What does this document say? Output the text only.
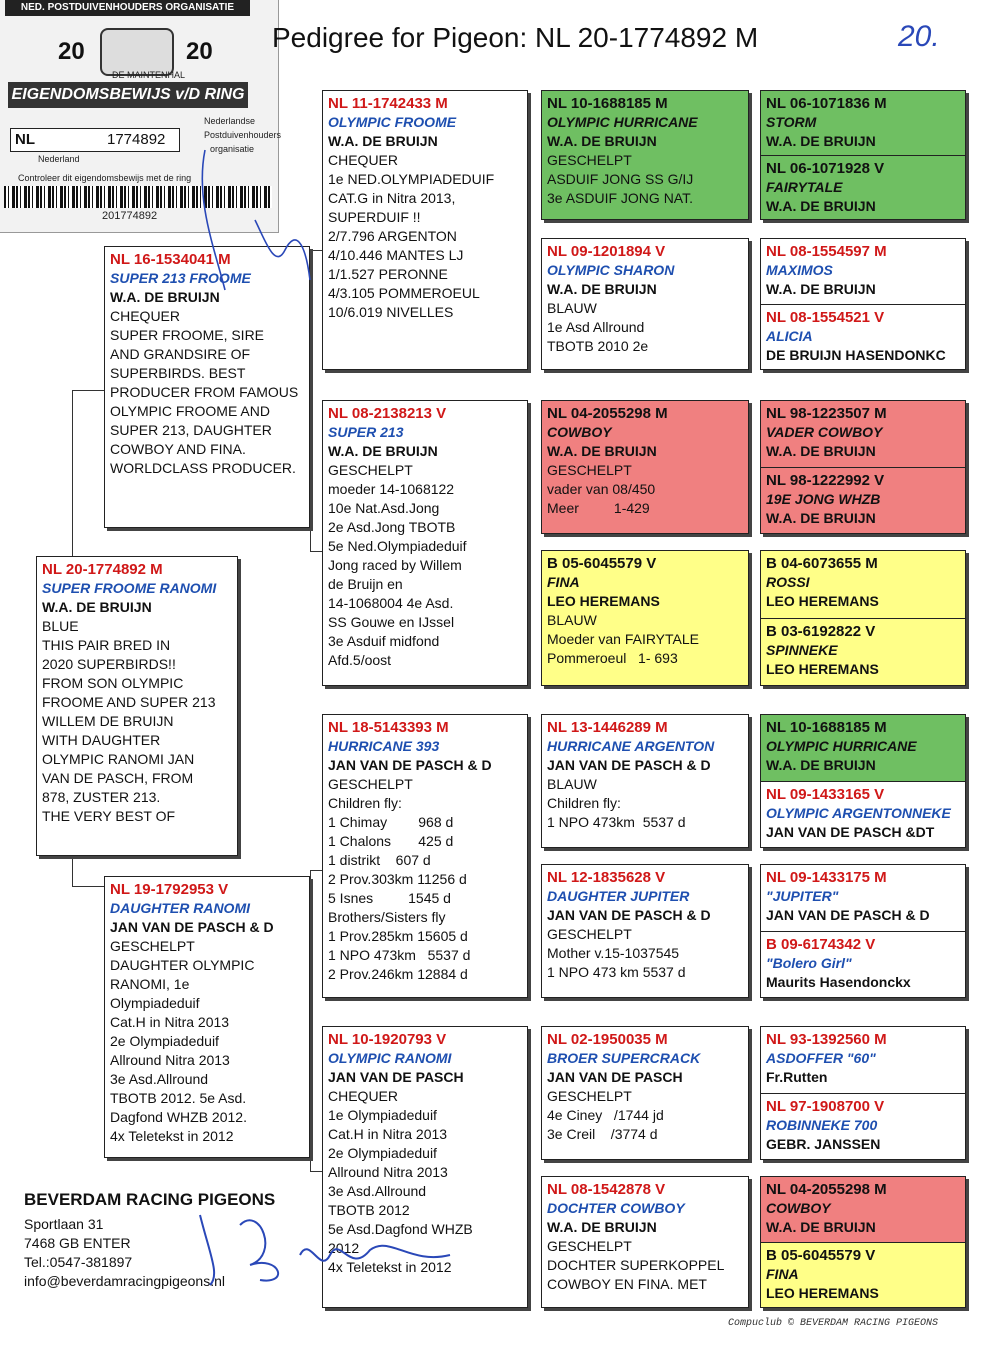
NED. POSTDUIVENHOUDERS ORGANISATIE
20	20
DE MAINTENHAL
EIGENDOMSBEWIJS v/D RING
NL	1774892
Nederland
Nederlandse
Postduivenhouders
organisatie
Controleer dit eigendomsbewijs met de ring
201774892
Pedigree for Pigeon: NL 20-1774892 M	20.
NL 20-1774892 M
SUPER FROOME RANOMI
W.A. DE BRUIJN
BLUE
THIS PAIR BRED IN
2020 SUPERBIRDS!!
FROM SON OLYMPIC
FROOME AND SUPER 213
WILLEM DE BRUIJN
WITH DAUGHTER
OLYMPIC RANOMI JAN
VAN DE PASCH, FROM
878, ZUSTER 213.
THE VERY BEST OF
NL 16-1534041 M
SUPER 213 FROOME
W.A. DE BRUIJN
CHEQUER
SUPER FROOME, SIRE
AND GRANDSIRE OF
SUPERBIRDS. BEST
PRODUCER FROM FAMOUS
OLYMPIC FROOME AND
SUPER 213, DAUGHTER
COWBOY AND FINA.
WORLDCLASS PRODUCER.
NL 19-1792953 V
DAUGHTER RANOMI
JAN VAN DE PASCH & D
GESCHELPT
DAUGHTER OLYMPIC
RANOMI, 1e
Olympiadeduif
Cat.H in Nitra 2013
2e Olympiadeduif
Allround Nitra 2013
3e Asd.Allround
TBOTB 2012. 5e Asd.
Dagfond WHZB 2012.
4x Teletekst in 2012
NL 11-1742433 M
OLYMPIC FROOME
W.A. DE BRUIJN
CHEQUER
1e NED.OLYMPIADEDUIF
CAT.G in Nitra 2013,
SUPERDUIF !!
2/7.796 ARGENTON
4/10.446 MANTES LJ
1/1.527 PERONNE
4/3.105 POMMEROEUL
10/6.019 NIVELLES
NL 08-2138213 V
SUPER 213
W.A. DE BRUIJN
GESCHELPT
moeder 14-1068122
10e Nat.Asd.Jong
2e Asd.Jong TBOTB
5e Ned.Olympiadeduif
Jong raced by Willem
de Bruijn en
14-1068004 4e Asd.
SS Gouwe en IJssel
3e Asduif midfond
Afd.5/oost
NL 18-5143393 M
HURRICANE 393
JAN VAN DE PASCH & D
GESCHELPT
Children fly:
1 Chimay        968 d
1 Chalons       425 d
1 distrikt    607 d
2 Prov.303km 11256 d
5 Isnes         1545 d
Brothers/Sisters fly
1 Prov.285km 15605 d
1 NPO 473km   5537 d
2 Prov.246km 12884 d
NL 10-1920793 V
OLYMPIC RANOMI
JAN VAN DE PASCH
CHEQUER
1e Olympiadeduif
Cat.H in Nitra 2013
2e Olympiadeduif
Allround Nitra 2013
3e Asd.Allround
TBOTB 2012
5e Asd.Dagfond WHZB
2012
4x Teletekst in 2012
NL 10-1688185 M
OLYMPIC HURRICANE
W.A. DE BRUIJN
GESCHELPT
ASDUIF JONG SS G/IJ
3e ASDUIF JONG NAT.
NL 09-1201894 V
OLYMPIC SHARON
W.A. DE BRUIJN
BLAUW
1e Asd Allround
TBOTB 2010 2e
NL 04-2055298 M
COWBOY
W.A. DE BRUIJN
GESCHELPT
vader van 08/450
Meer         1-429
B 05-6045579 V
FINA
LEO HEREMANS
BLAUW
Moeder van FAIRYTALE
Pommeroeul   1- 693
NL 13-1446289 M
HURRICANE ARGENTON
JAN VAN DE PASCH & D
BLAUW
Children fly:
1 NPO 473km  5537 d
NL 12-1835628 V
DAUGHTER JUPITER
JAN VAN DE PASCH & D
GESCHELPT
Mother v.15-1037545
1 NPO 473 km 5537 d
NL 02-1950035 M
BROER SUPERCRACK
JAN VAN DE PASCH
GESCHELPT
4e Ciney   /1744 jd
3e Creil    /3774 d
NL 08-1542878 V
DOCHTER COWBOY
W.A. DE BRUIJN
GESCHELPT
DOCHTER SUPERKOPPEL
COWBOY EN FINA. MET
NL 06-1071836 M
STORM
W.A. DE BRUIJN
NL 06-1071928 V
FAIRYTALE
W.A. DE BRUIJN
NL 08-1554597 M
MAXIMOS
W.A. DE BRUIJN
NL 08-1554521 V
ALICIA
DE BRUIJN HASENDONKC
NL 98-1223507 M
VADER COWBOY
W.A. DE BRUIJN
NL 98-1222992 V
19E JONG WHZB
W.A. DE BRUIJN
B 04-6073655 M
ROSSI
LEO HEREMANS
B 03-6192822 V
SPINNEKE
LEO HEREMANS
NL 10-1688185 M
OLYMPIC HURRICANE
W.A. DE BRUIJN
NL 09-1433165 V
OLYMPIC ARGENTONNEKE
JAN VAN DE PASCH &DT
NL 09-1433175 M
"JUPITER"
JAN VAN DE PASCH & D
B 09-6174342 V
"Bolero Girl"
Maurits Hasendonckx
NL 93-1392560 M
ASDOFFER "60"
Fr.Rutten
NL 97-1908700 V
ROBINNEKE 700
GEBR. JANSSEN
NL 04-2055298 M
COWBOY
W.A. DE BRUIJN
B 05-6045579 V
FINA
LEO HEREMANS
BEVERDAM RACING PIGEONS
Sportlaan 31
7468 GB ENTER
Tel.:0547-381897
info@beverdamracingpigeons.nl
Compuclub © BEVERDAM RACING PIGEONS
